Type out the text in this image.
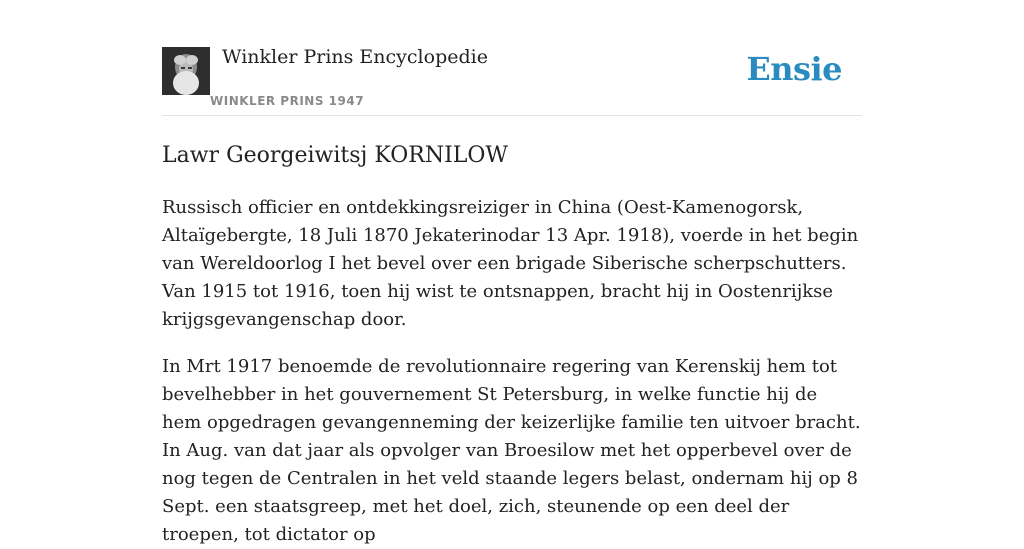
Winkler Prins Encyclopedie
WINKLER PRINS 1947
Ensie
Lawr Georgeiwitsj KORNILOW

Russisch officier en ontdekkingsreiziger in China (Oest-Kamenogorsk, Altaïgebergte, 18 Juli 1870 Jekaterinodar 13 Apr. 1918), voerde in het begin van Wereldoorlog I het bevel over een brigade Siberische scherpschutters. Van 1915 tot 1916, toen hij wist te ontsnappen, bracht hij in Oostenrijkse krijgsgevangenschap door.

In Mrt 1917 benoemde de revolutionnaire regering van Kerenskij hem tot bevelhebber in het gouvernement St Petersburg, in welke functie hij de hem opgedragen gevangenneming der keizerlijke familie ten uitvoer bracht. In Aug. van dat jaar als opvolger van Broesilow met het opperbevel over de nog tegen de Centralen in het veld staande legers belast, ondernam hij op 8 Sept. een staatsgreep, met het doel, zich, steunende op een deel der troepen, tot dictator op
